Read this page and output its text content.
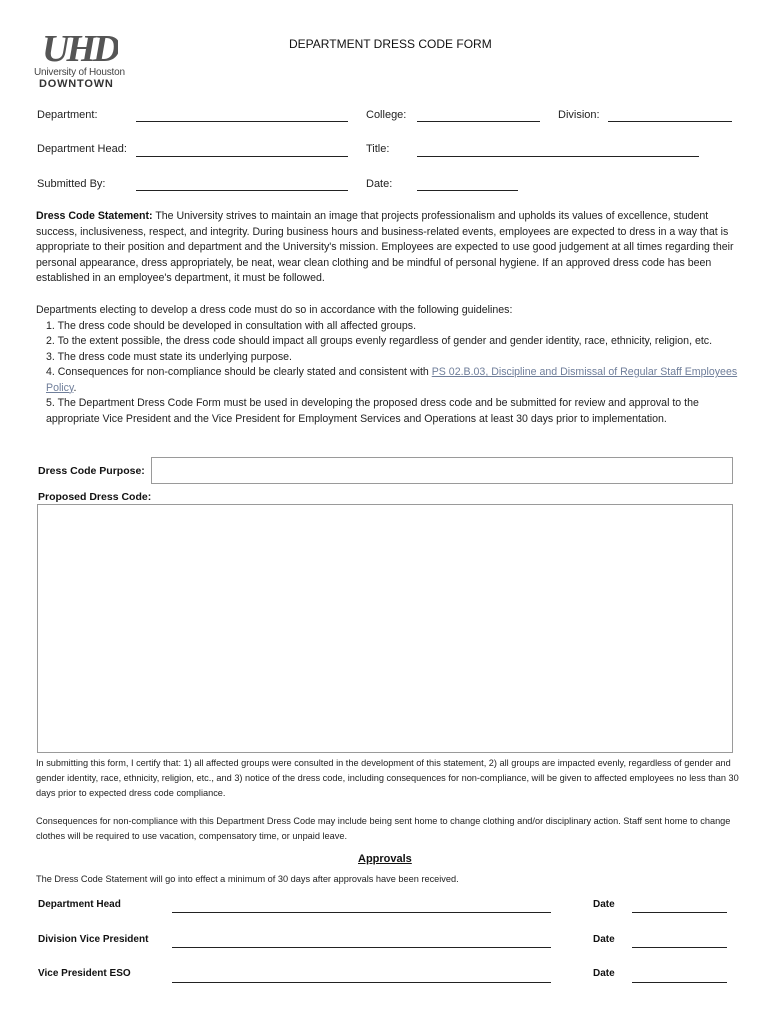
UHD
University of Houston
DOWNTOWN
DEPARTMENT DRESS CODE FORM
Department:	College:	Division:
Department Head:	Title:
Submitted By:	Date:
Dress Code Statement: The University strives to maintain an image that projects professionalism and upholds its values of excellence, student success, inclusiveness, respect, and integrity. During business hours and business-related events, employees are expected to dress in a way that is appropriate to their position and department and the University's mission. Employees are expected to use good judgement at all times regarding their personal appearance, dress appropriately, be neat, wear clean clothing and be mindful of personal hygiene. If an approved dress code has been established in an employee's department, it must be followed.
Departments electing to develop a dress code must do so in accordance with the following guidelines:
1. The dress code should be developed in consultation with all affected groups.
2. To the extent possible, the dress code should impact all groups evenly regardless of gender and gender identity, race, ethnicity, religion, etc.
3. The dress code must state its underlying purpose.
4. Consequences for non-compliance should be clearly stated and consistent with PS 02.B.03, Discipline and Dismissal of Regular Staff Employees Policy.
5. The Department Dress Code Form must be used in developing the proposed dress code and be submitted for review and approval to the appropriate Vice President and the Vice President for Employment Services and Operations at least 30 days prior to implementation.
Dress Code Purpose:
Proposed Dress Code:
In submitting this form, I certify that: 1) all affected groups were consulted in the development of this statement, 2) all groups are impacted evenly, regardless of gender and gender identity, race, ethnicity, religion, etc., and 3) notice of the dress code, including consequences for non-compliance, will be given to affected employees no less than 30 days prior to expected dress code compliance.
Consequences for non-compliance with this Department Dress Code may include being sent home to change clothing and/or disciplinary action. Staff sent home to change clothes will be required to use vacation, compensatory time, or unpaid leave.
Approvals
The Dress Code Statement will go into effect a minimum of 30 days after approvals have been received.
Department Head	Date
Division Vice President	Date
Vice President ESO	Date
